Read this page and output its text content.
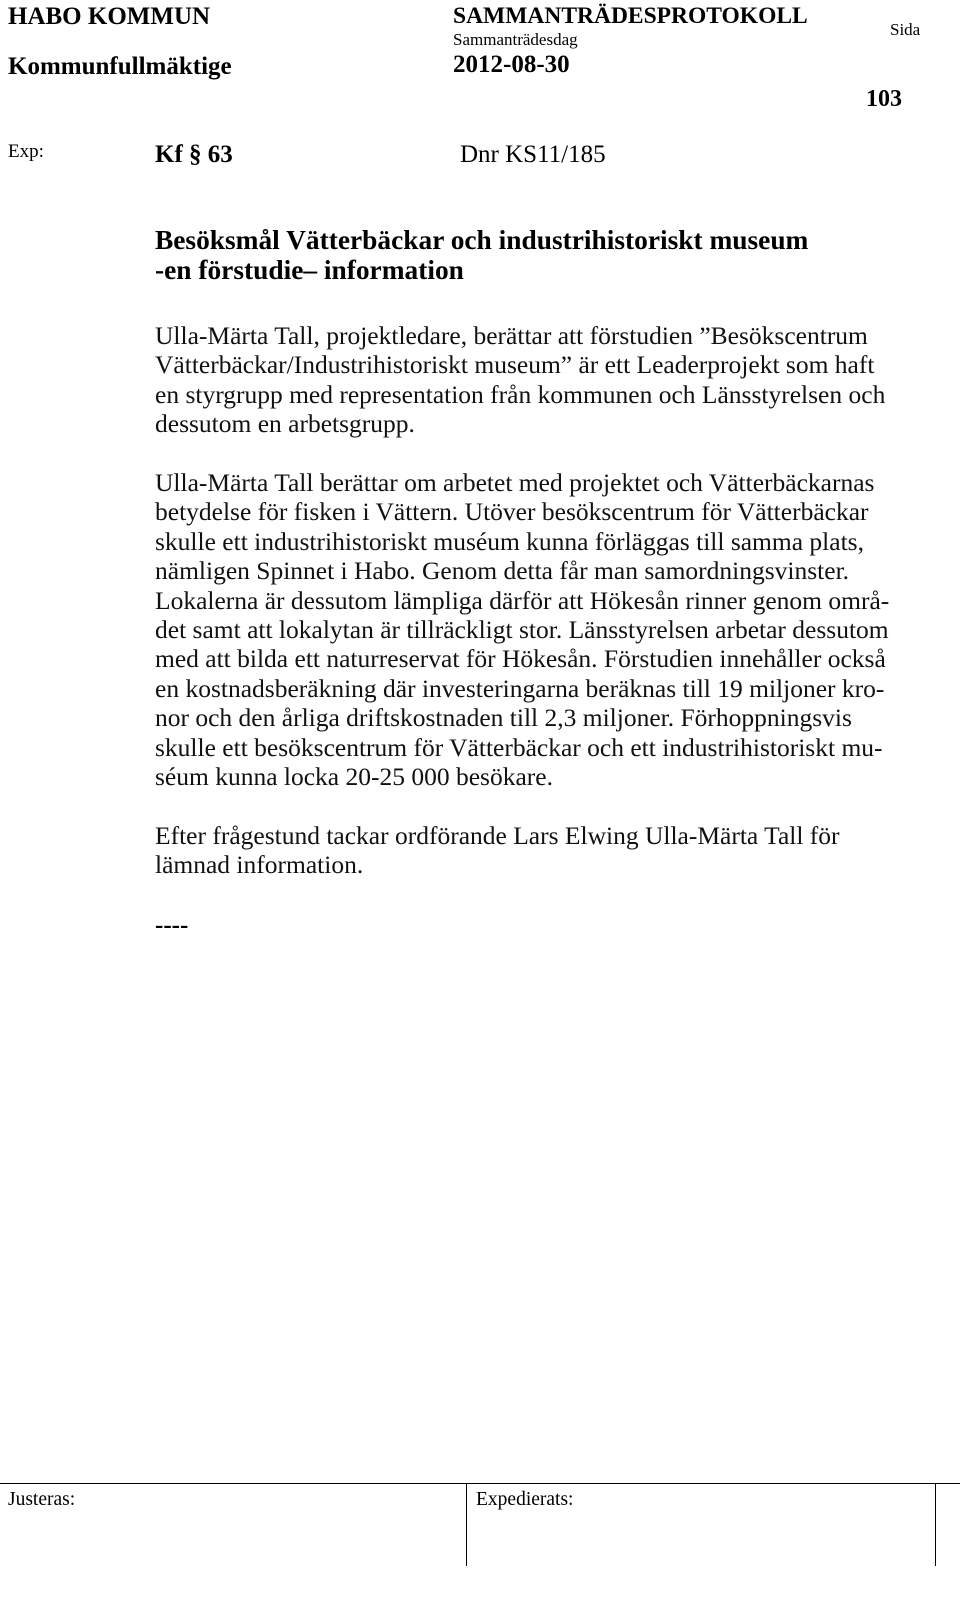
HABO KOMMUN
Kommunfullmäktige
SAMMANTRÄDESPROTOKOLL
Sammanträdesdag
2012-08-30
Sida
103
Exp:	Kf § 63	Dnr KS11/185
Besöksmål Vätterbäckar och industrihistoriskt museum
-en förstudie– information
Ulla-Märta Tall, projektledare, berättar att förstudien ”Besökscentrum
Vätterbäckar/Industrihistoriskt museum” är ett Leaderprojekt som haft
en styrgrupp med representation från kommunen och Länsstyrelsen och
dessutom en arbetsgrupp.
Ulla-Märta Tall berättar om arbetet med projektet och Vätterbäckarnas
betydelse för fisken i Vättern. Utöver besökscentrum för Vätterbäckar
skulle ett industrihistoriskt muséum kunna förläggas till samma plats,
nämligen Spinnet i Habo. Genom detta får man samordningsvinster.
Lokalerna är dessutom lämpliga därför att Hökesån rinner genom områ-
det samt att lokalytan är tillräckligt stor. Länsstyrelsen arbetar dessutom
med att bilda ett naturreservat för Hökesån. Förstudien innehåller också
en kostnadsberäkning där investeringarna beräknas till 19 miljoner kro-
nor och den årliga driftskostnaden till 2,3 miljoner. Förhoppningsvis
skulle ett besökscentrum för Vätterbäckar och ett industrihistoriskt mu-
séum kunna locka 20-25 000 besökare.
Efter frågestund tackar ordförande Lars Elwing Ulla-Märta Tall för
lämnad information.
----
Justeras:	Expedierats:
